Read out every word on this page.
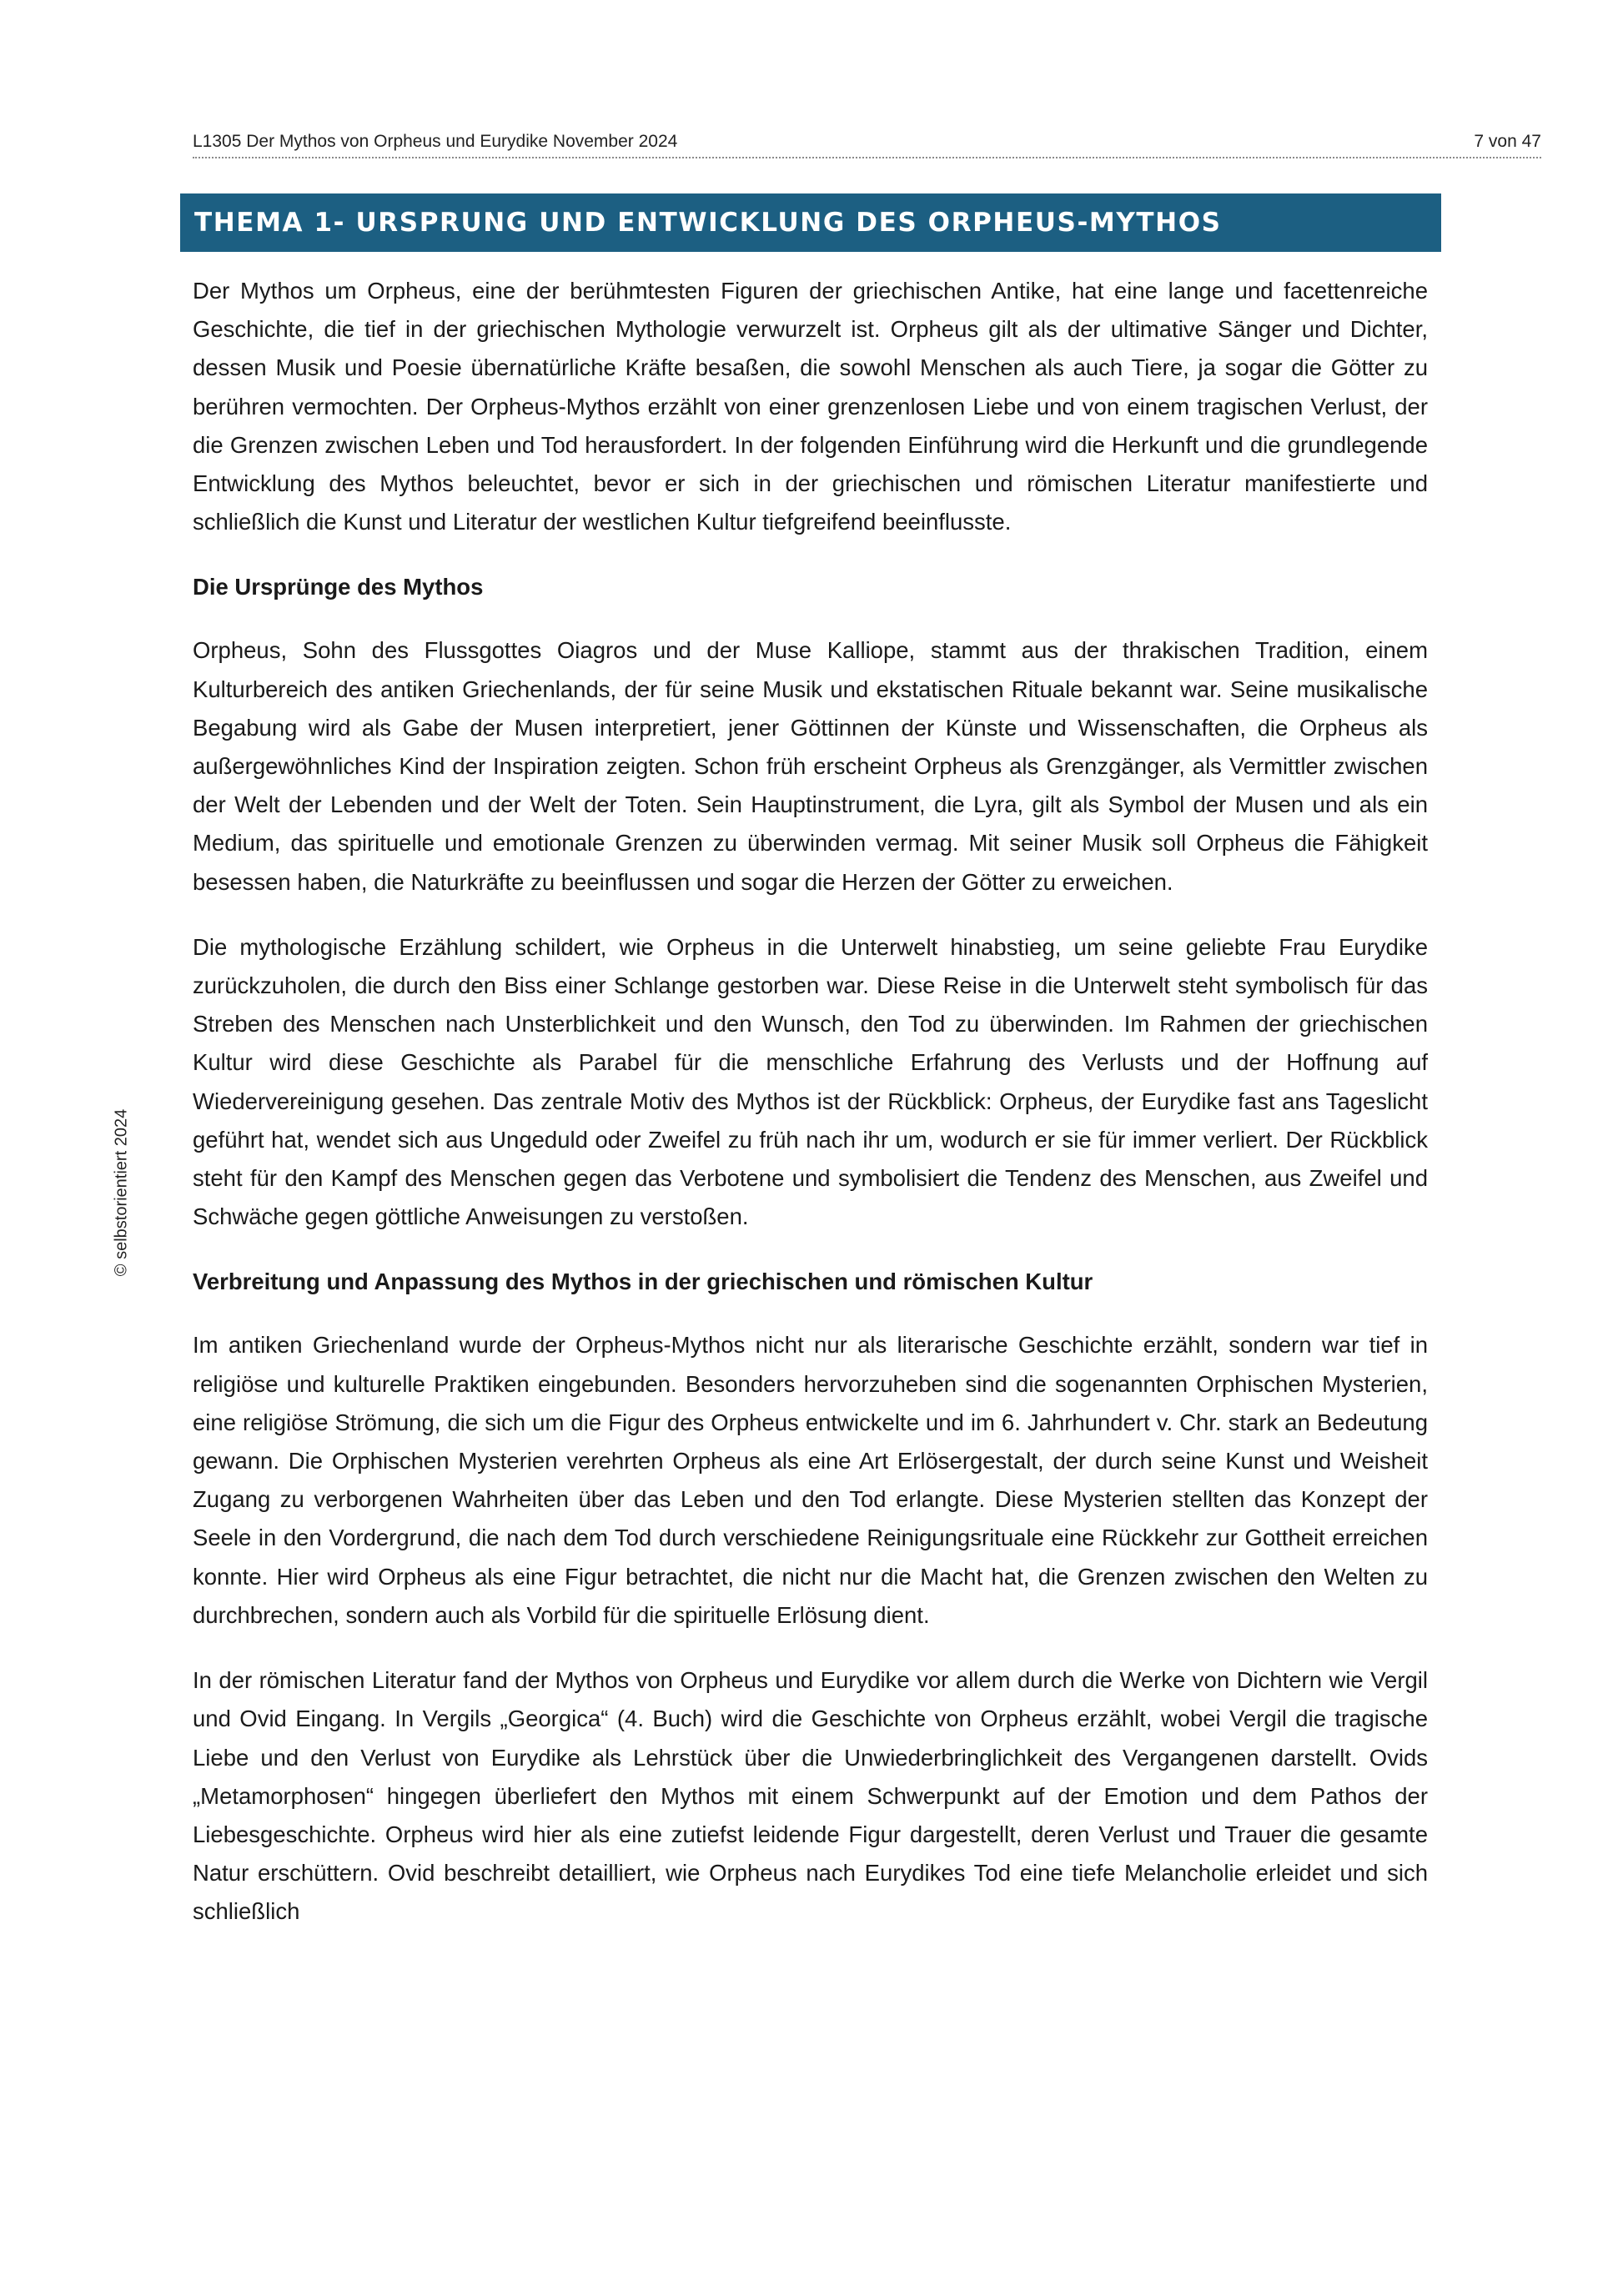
L1305 Der Mythos von Orpheus und Eurydike November 2024	7 von 47
THEMA 1- URSPRUNG UND ENTWICKLUNG DES ORPHEUS-MYTHOS

Der Mythos um Orpheus, eine der berühmtesten Figuren der griechischen Antike, hat eine lange und facettenreiche Geschichte, die tief in der griechischen Mythologie verwurzelt ist. Orpheus gilt als der ultimative Sänger und Dichter, dessen Musik und Poesie übernatürliche Kräfte besaßen, die sowohl Menschen als auch Tiere, ja sogar die Götter zu berühren vermochten. Der Orpheus-Mythos erzählt von einer grenzenlosen Liebe und von einem tragischen Verlust, der die Grenzen zwischen Leben und Tod herausfordert. In der folgenden Einführung wird die Herkunft und die grundlegende Entwicklung des Mythos beleuchtet, bevor er sich in der griechischen und römischen Literatur manifestierte und schließlich die Kunst und Literatur der westlichen Kultur tiefgreifend beeinflusste.

Die Ursprünge des Mythos

Orpheus, Sohn des Flussgottes Oiagros und der Muse Kalliope, stammt aus der thrakischen Tradition, einem Kulturbereich des antiken Griechenlands, der für seine Musik und ekstatischen Rituale bekannt war. Seine musikalische Begabung wird als Gabe der Musen interpretiert, jener Göttinnen der Künste und Wissenschaften, die Orpheus als außergewöhnliches Kind der Inspiration zeigten. Schon früh erscheint Orpheus als Grenzgänger, als Vermittler zwischen der Welt der Lebenden und der Welt der Toten. Sein Hauptinstrument, die Lyra, gilt als Symbol der Musen und als ein Medium, das spirituelle und emotionale Grenzen zu überwinden vermag. Mit seiner Musik soll Orpheus die Fähigkeit besessen haben, die Naturkräfte zu beeinflussen und sogar die Herzen der Götter zu erweichen.

Die mythologische Erzählung schildert, wie Orpheus in die Unterwelt hinabstieg, um seine geliebte Frau Eurydike zurückzuholen, die durch den Biss einer Schlange gestorben war. Diese Reise in die Unterwelt steht symbolisch für das Streben des Menschen nach Unsterblichkeit und den Wunsch, den Tod zu überwinden. Im Rahmen der griechischen Kultur wird diese Geschichte als Parabel für die menschliche Erfahrung des Verlusts und der Hoffnung auf Wiedervereinigung gesehen. Das zentrale Motiv des Mythos ist der Rückblick: Orpheus, der Eurydike fast ans Tageslicht geführt hat, wendet sich aus Ungeduld oder Zweifel zu früh nach ihr um, wodurch er sie für immer verliert. Der Rückblick steht für den Kampf des Menschen gegen das Verbotene und symbolisiert die Tendenz des Menschen, aus Zweifel und Schwäche gegen göttliche Anweisungen zu verstoßen.

Verbreitung und Anpassung des Mythos in der griechischen und römischen Kultur

Im antiken Griechenland wurde der Orpheus-Mythos nicht nur als literarische Geschichte erzählt, sondern war tief in religiöse und kulturelle Praktiken eingebunden. Besonders hervorzuheben sind die sogenannten Orphischen Mysterien, eine religiöse Strömung, die sich um die Figur des Orpheus entwickelte und im 6. Jahrhundert v. Chr. stark an Bedeutung gewann. Die Orphischen Mysterien verehrten Orpheus als eine Art Erlösergestalt, der durch seine Kunst und Weisheit Zugang zu verborgenen Wahrheiten über das Leben und den Tod erlangte. Diese Mysterien stellten das Konzept der Seele in den Vordergrund, die nach dem Tod durch verschiedene Reinigungsrituale eine Rückkehr zur Gottheit erreichen konnte. Hier wird Orpheus als eine Figur betrachtet, die nicht nur die Macht hat, die Grenzen zwischen den Welten zu durchbrechen, sondern auch als Vorbild für die spirituelle Erlösung dient.

In der römischen Literatur fand der Mythos von Orpheus und Eurydike vor allem durch die Werke von Dichtern wie Vergil und Ovid Eingang. In Vergils „Georgica“ (4. Buch) wird die Geschichte von Orpheus erzählt, wobei Vergil die tragische Liebe und den Verlust von Eurydike als Lehrstück über die Unwiederbringlichkeit des Vergangenen darstellt. Ovids „Metamorphosen“ hingegen überliefert den Mythos mit einem Schwerpunkt auf der Emotion und dem Pathos der Liebesgeschichte. Orpheus wird hier als eine zutiefst leidende Figur dargestellt, deren Verlust und Trauer die gesamte Natur erschüttern. Ovid beschreibt detailliert, wie Orpheus nach Eurydikes Tod eine tiefe Melancholie erleidet und sich schließlich

© selbstorientiert 2024
